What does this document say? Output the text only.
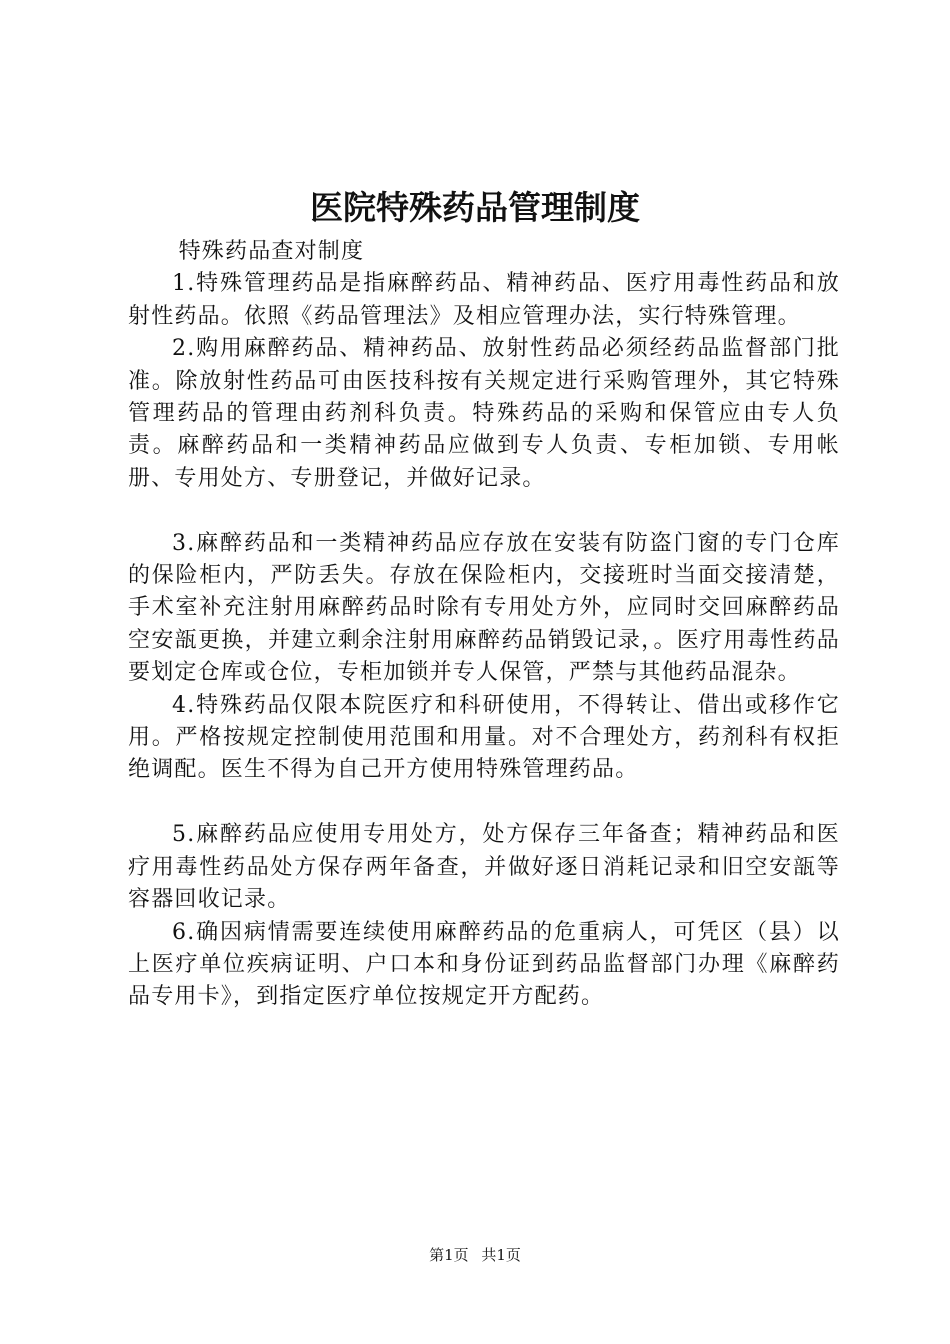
医院特殊药品管理制度

特殊药品查对制度

1.特殊管理药品是指麻醉药品、精神药品、医疗用毒性药品和放射性药品。依照《药品管理法》及相应管理办法，实行特殊管理。

2.购用麻醉药品、精神药品、放射性药品必须经药品监督部门批准。除放射性药品可由医技科按有关规定进行采购管理外，其它特殊管理药品的管理由药剂科负责。特殊药品的采购和保管应由专人负责。麻醉药品和一类精神药品应做到专人负责、专柜加锁、专用帐册、专用处方、专册登记，并做好记录。

3.麻醉药品和一类精神药品应存放在安装有防盗门窗的专门仓库的保险柜内，严防丢失。存放在保险柜内，交接班时当面交接清楚，手术室补充注射用麻醉药品时除有专用处方外，应同时交回麻醉药品空安瓿更换，并建立剩余注射用麻醉药品销毁记录，。医疗用毒性药品要划定仓库或仓位，专柜加锁并专人保管，严禁与其他药品混杂。

4.特殊药品仅限本院医疗和科研使用，不得转让、借出或移作它用。严格按规定控制使用范围和用量。对不合理处方，药剂科有权拒绝调配。医生不得为自己开方使用特殊管理药品。

5.麻醉药品应使用专用处方，处方保存三年备查；精神药品和医疗用毒性药品处方保存两年备查，并做好逐日消耗记录和旧空安瓿等容器回收记录。

6.确因病情需要连续使用麻醉药品的危重病人，可凭区（县）以上医疗单位疾病证明、户口本和身份证到药品监督部门办理《麻醉药品专用卡》，到指定医疗单位按规定开方配药。

第1页 共1页
